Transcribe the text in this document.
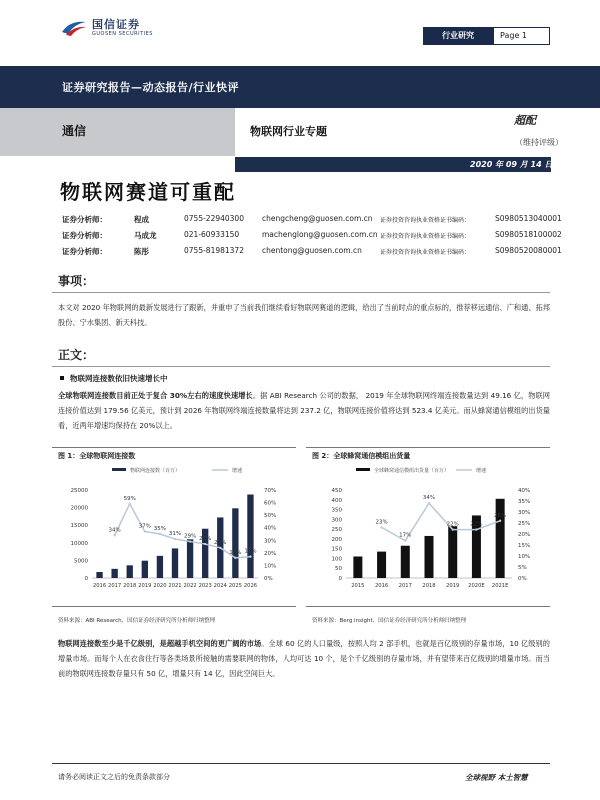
国信证券
GUOSEN SECURITIES	行业研究	Page 1
证券研究报告—动态报告/行业快评
通信	物联网行业专题
超配
（维持评级）
2020 年 09 月 14 日
物联网赛道可重配
证券分析师：	程成	0755-22940300 chengcheng@guosen.com.cn 证券投资咨询执业资格证书编码：	S0980513040001
证券分析师：	马成龙	021-60933150	machenglong@guosen.com.cn 证券投资咨询执业资格证书编码：	S0980518100002
证券分析师：	陈彤	0755-81981372 chentong@guosen.com.cn	证券投资咨询执业资格证书编码：	S0980520080001
事项：
本文对 2020 年物联网的最新发展进行了跟新，并重申了当前我们继续看好物联网赛道的逻辑，给出了当前时点的重点标的，推荐移远通信、广和通、拓邦股份、宁水集团、新天科技。
正文：
物联网连接数依旧快速增长中
全球物联网连接数目前正处于复合 30%左右的速度快速增长。据 ABI Research 公司的数据， 2019 年全球物联网终端连接数量达到 49.16 亿，物联网连接价值达到 179.56 亿美元，预计到 2026 年物联网终端连接数量将达到 237.2 亿，物联网连接价值将达到 523.4 亿美元。而从蜂窝通信模组的出货量看，近两年增速均保持在 20%以上。
图 1：全球物联网连接数	图 2：全球蜂窝通信模组出货量
物联网连接数（百万）	增速
0
5000
10000
15000
20000
25000
0%
10%
20%
30%
40%
50%
60%
70%
2016 2017 2018 2019 2020 2021 2022 2023 2024 2025 2026
34%
59%
37% 35%
31% 29% 27%
24%
16% 17%
全球蜂窝通信模组出货量（百万）	增速
0
50
100
150
200
250
300
350
400
450
0%
5%
10%
15%
20%
25%
30%
35%
40%
2015 2016 2017 2018 2019 2020E 2021E
23%
17%
34%
22% 22%
26%
资料来源：ABI Research、国信证券经济研究所分析师归纳整理	资料来源：Berg insight、国信证券经济研究所分析师归纳整理
物联网连接数至少是千亿级别，是超越手机空间的更广阔的市场。全球 60 亿的人口量级，按照人均 2 部手机，也就是百亿级别的存量市场，10 亿级别的增量市场。而每个人在衣食住行等各类场景所接触的需要联网的物体，人均可达 10 个，是个千亿级别的存量市场，并有望带来百亿级别的增量市场。而当前的物联网连接数存量只有 50 亿，增量只有 14 亿，因此空间巨大。
请务必阅读正文之后的免责条款部分	全球视野 本土智慧
